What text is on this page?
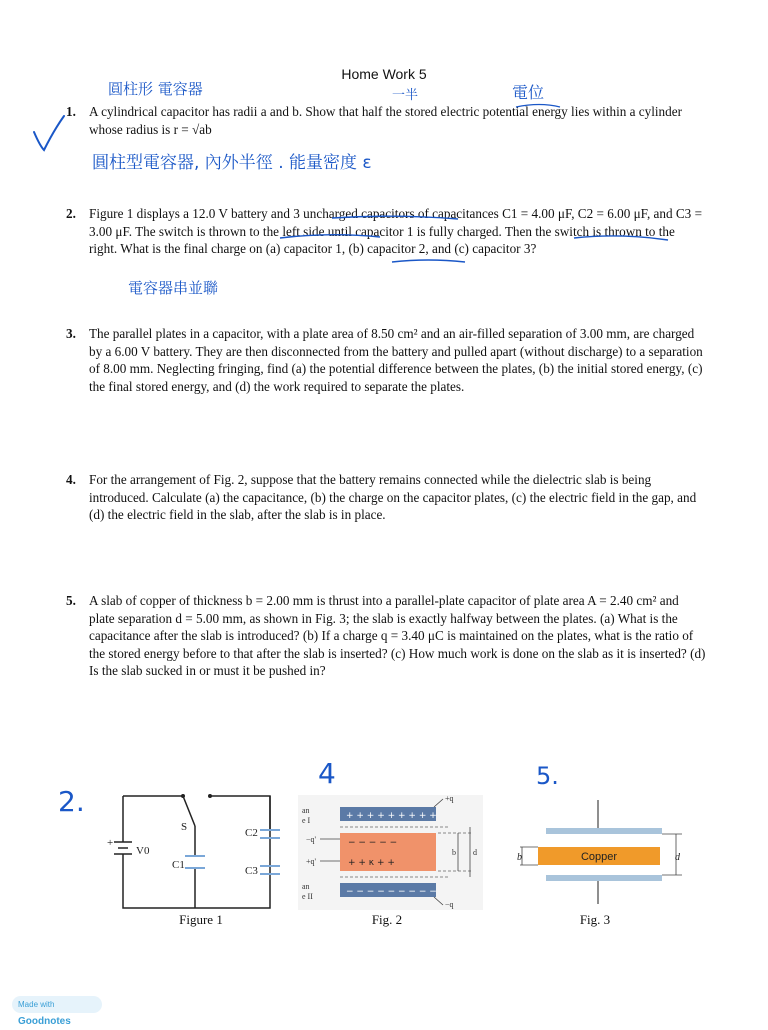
Home Work 5
1. A cylindrical capacitor has radii a and b. Show that half the stored electric potential energy lies within a cylinder whose radius is r = √ab
2. Figure 1 displays a 12.0 V battery and 3 uncharged capacitors of capacitances C1 = 4.00 μF, C2 = 6.00 μF, and C3 = 3.00 μF. The switch is thrown to the left side until capacitor 1 is fully charged. Then the switch is thrown to the right. What is the final charge on (a) capacitor 1, (b) capacitor 2, and (c) capacitor 3?
3. The parallel plates in a capacitor, with a plate area of 8.50 cm² and an air-filled separation of 3.00 mm, are charged by a 6.00 V battery. They are then disconnected from the battery and pulled apart (without discharge) to a separation of 8.00 mm. Neglecting fringing, find (a) the potential difference between the plates, (b) the initial stored energy, (c) the final stored energy, and (d) the work required to separate the plates.
4. For the arrangement of Fig. 2, suppose that the battery remains connected while the dielectric slab is being introduced. Calculate (a) the capacitance, (b) the charge on the capacitor plates, (c) the electric field in the gap, and (d) the electric field in the slab, after the slab is in place.
5. A slab of copper of thickness b = 2.00 mm is thrust into a parallel-plate capacitor of plate area A = 2.40 cm² and plate separation d = 5.00 mm, as shown in Fig. 3; the slab is exactly halfway between the plates. (a) What is the capacitance after the slab is introduced? (b) If a charge q = 3.40 μC is maintained on the plates, what is the ratio of the stored energy before to that after the slab is inserted? (c) How much work is done on the slab as it is inserted? (d) Is the slab sucked in or must it be pushed in?
圓柱形 電容器	一半	電位
圓柱型電容器, 內外半徑 . 能量密度 ε
電容器串並聯
2.
4	5.
+
V0
S
C1
C2
C3
Figure 1
+ + + + + + + + +
− − − − −
+ + κ + +
− − − − − − − − −
+q
−q
−q'
+q'
b d
an
e I
an
e II
Fig. 2
Copper
b	d
Fig. 3
Made with Goodnotes
